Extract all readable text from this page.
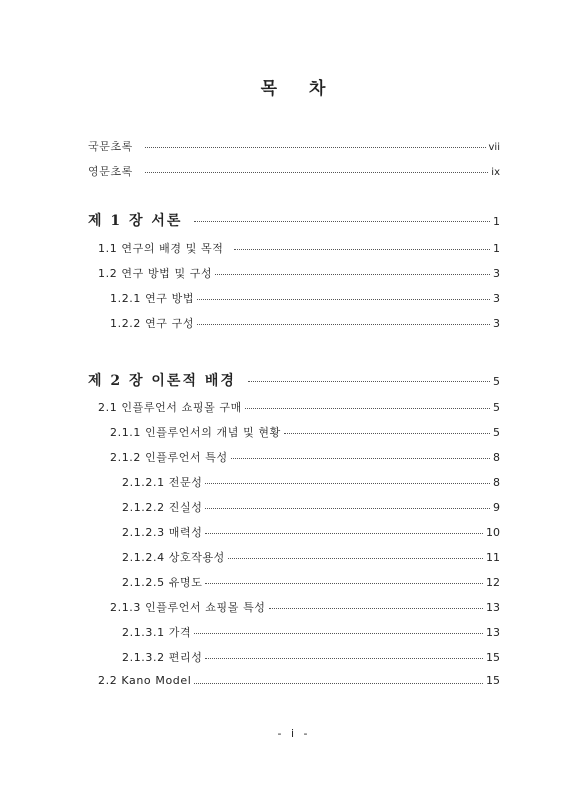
목 차
국문초록	vii
영문초록	ix
제 1 장 서론	1
1.1 연구의 배경 및 목적	1
1.2 연구 방법 및 구성	3
1.2.1 연구 방법	3
1.2.2 연구 구성	3
제 2 장 이론적 배경	5
2.1 인플루언서 쇼핑몰 구매	5
2.1.1 인플루언서의 개념 및 현황	5
2.1.2 인플루언서 특성	8
2.1.2.1 전문성	8
2.1.2.2 진실성	9
2.1.2.3 매력성	10
2.1.2.4 상호작용성	11
2.1.2.5 유명도	12
2.1.3 인플루언서 쇼핑몰 특성	13
2.1.3.1 가격	13
2.1.3.2 편리성	15
2.2 Kano Model	15
- i -
